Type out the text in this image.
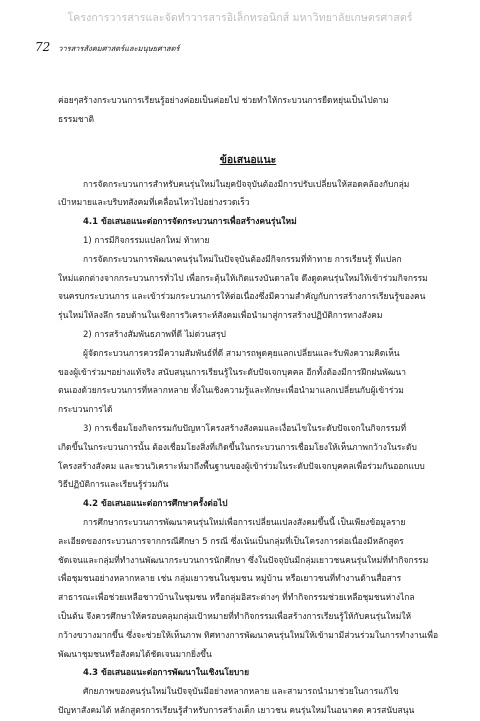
โครงการวารสารและจัดทำวารสารอิเล็กทรอนิกส์ มหาวิทยาลัยเกษตรศาสตร์
72 วารสารสังคมศาสตร์และมนุษยศาสตร์

ค่อยๆสร้างกระบวนการเรียนรู้อย่างค่อยเป็นค่อยไป ช่วยทำให้กระบวนการยืดหยุ่นเป็นไปตาม

ธรรมชาติ

ข้อเสนอแนะ

การจัดกระบวนการสำหรับคนรุ่นใหม่ในยุคปัจจุบันต้องมีการปรับเปลี่ยนให้สอดคล้องกับกลุ่ม

เป้าหมายและบริบทสังคมที่เคลื่อนไหวไปอย่างรวดเร็ว

4.1 ข้อเสนอแนะต่อการจัดกระบวนการเพื่อสร้างคนรุ่นใหม่

1) การมีกิจกรรมแปลกใหม่ ท้าทาย

การจัดกระบวนการพัฒนาคนรุ่นใหม่ในปัจจุบันต้องมีกิจกรรมที่ท้าทาย การเรียนรู้ ที่แปลก

ใหม่แตกต่างจากกระบวนการทั่วไป เพื่อกระตุ้นให้เกิดแรงบันดาลใจ ดึงดูดคนรุ่นใหม่ให้เข้าร่วมกิจกรรม

จนครบกระบวนการ และเข้าร่วมกระบวนการให้ต่อเนื่องซึ่งมีความสำคัญกับการสร้างการเรียนรู้ของคน

รุ่นใหม่ให้ลงลึก รอบด้านในเชิงการวิเคราะห์สังคมเพื่อนำมาสู่การสร้างปฏิบัติการทางสังคม

2) การสร้างสัมพันธภาพที่ดี ไม่ด่วนสรุป

ผู้จัดกระบวนการควรมีความสัมพันธ์ที่ดี สามารถพูดคุยแลกเปลี่ยนและรับฟังความคิดเห็น

ของผู้เข้าร่วมฯอย่างแท้จริง สนับสนุนการเรียนรู้ในระดับปัจเจกบุคคล อีกทั้งต้องมีการฝึกฝนพัฒนา

ตนเองด้วยกระบวนการที่หลากหลาย ทั้งในเชิงความรู้และทักษะเพื่อนำมาแลกเปลี่ยนกับผู้เข้าร่วม

กระบวนการได้

3) การเชื่อมโยงกิจกรรมกับปัญหาโครงสร้างสังคมและเงื่อนไขในระดับปัจเจกในกิจกรรมที่

เกิดขึ้นในกระบวนการนั้น ต้องเชื่อมโยงสิ่งที่เกิดขึ้นในกระบวนการเชื่อมโยงให้เห็นภาพกว้างในระดับ

โครงสร้างสังคม และชวนวิเคราะห์มาถึงพื้นฐานของผู้เข้าร่วมในระดับปัจเจกบุคคลเพื่อร่วมกันออกแบบ

วิธีปฏิบัติการและเรียนรู้ร่วมกัน

4.2 ข้อเสนอแนะต่อการศึกษาครั้งต่อไป

การศึกษากระบวนการพัฒนาคนรุ่นใหม่เพื่อการเปลี่ยนแปลงสังคมขึ้นนี้ เป็นเพียงข้อมูลราย

ละเอียดของกระบวนการจากกรณีศึกษา 5 กรณี ซึ่งเน้นเป็นกลุ่มที่เป็นโครงการต่อเนื่องมีหลักสูตร

ชัดเจนและกลุ่มที่ทำงานพัฒนากระบวนการนักศึกษา ซึ่งในปัจจุบันมีกลุ่มเยาวชนคนรุ่นใหม่ที่ทำกิจกรรม

เพื่อชุมชนอย่างหลากหลาย เช่น กลุ่มเยาวชนในชุมชน หมู่บ้าน หรือเยาวชนที่ทำงานด้านสื่อสาร

สาธารณะเพื่อช่วยเหลือชาวบ้านในชุมชน หรือกลุ่มอิสระต่างๆ ที่ทำกิจกรรมช่วยเหลือชุมชนห่างไกล

เป็นต้น จึงควรศึกษาให้ครอบคลุมกลุ่มเป้าหมายที่ทำกิจกรรมเพื่อสร้างการเรียนรู้ให้กับคนรุ่นใหม่ให้

กว้างขวางมากขึ้น ซึ่งจะช่วยให้เห็นภาพ ทิศทางการพัฒนาคนรุ่นใหม่ให้เข้ามามีส่วนร่วมในการทำงานเพื่อ

พัฒนาชุมชนหรือสังคมได้ชัดเจนมากยิ่งขึ้น

4.3 ข้อเสนอแนะต่อการพัฒนาในเชิงนโยบาย

ศักยภาพของคนรุ่นใหม่ในปัจจุบันมีอย่างหลากหลาย และสามารถนำมาช่วยในการแก้ไข

ปัญหาสังคมได้ หลักสูตรการเรียนรู้สำหรับการสร้างเด็ก เยาวชน คนรุ่นใหม่ในอนาคต ควรสนับสนุน
